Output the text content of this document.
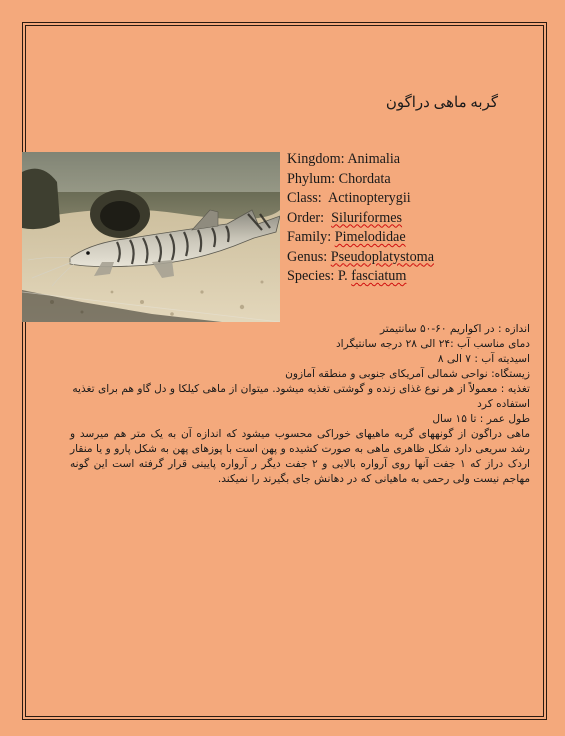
گربه ماهی دراگون
Kingdom: Animalia
Phylum: Chordata
Class: Actinopterygii
Order: Siluriformes
Family: Pimelodidae
Genus: Pseudoplatystoma
Species: P. fasciatum

اندازه : در اکواریم ۶۰-۵۰ سانتیمتر

دمای مناسب آب :۲۴ الی ۲۸ درجه سانتیگراد

اسیدیته آب : ۷ الی ۸

زیستگاه: نواحی شمالی آمریکای جنوبی و منطقه آمازون

تغذیه : معمولاً از هر نوع غذای زنده و گوشتی تغذیه میشود. میتوان از ماهی کیلکا و دل گاو هم برای تغذیه استفاده کرد

طول عمر : تا ۱۵ سال

ماهی دراگون از گونههای گربه ماهیهای خوراکی محسوب میشود که اندازه آن به یک متر هم میرسد و رشد سریعی دارد شکل ظاهری ماهی به صورت کشیده و پهن است با پوزهای پهن به شکل پارو و یا منقار اردک دراز که ۱ جفت آنها روی آرواره بالایی و ۲ جفت دیگر ر آرواره پایینی قرار گرفته است این گونه مهاجم نیست ولی رحمی به ماهیانی که در دهانش جای بگیرند را نمیکند.
